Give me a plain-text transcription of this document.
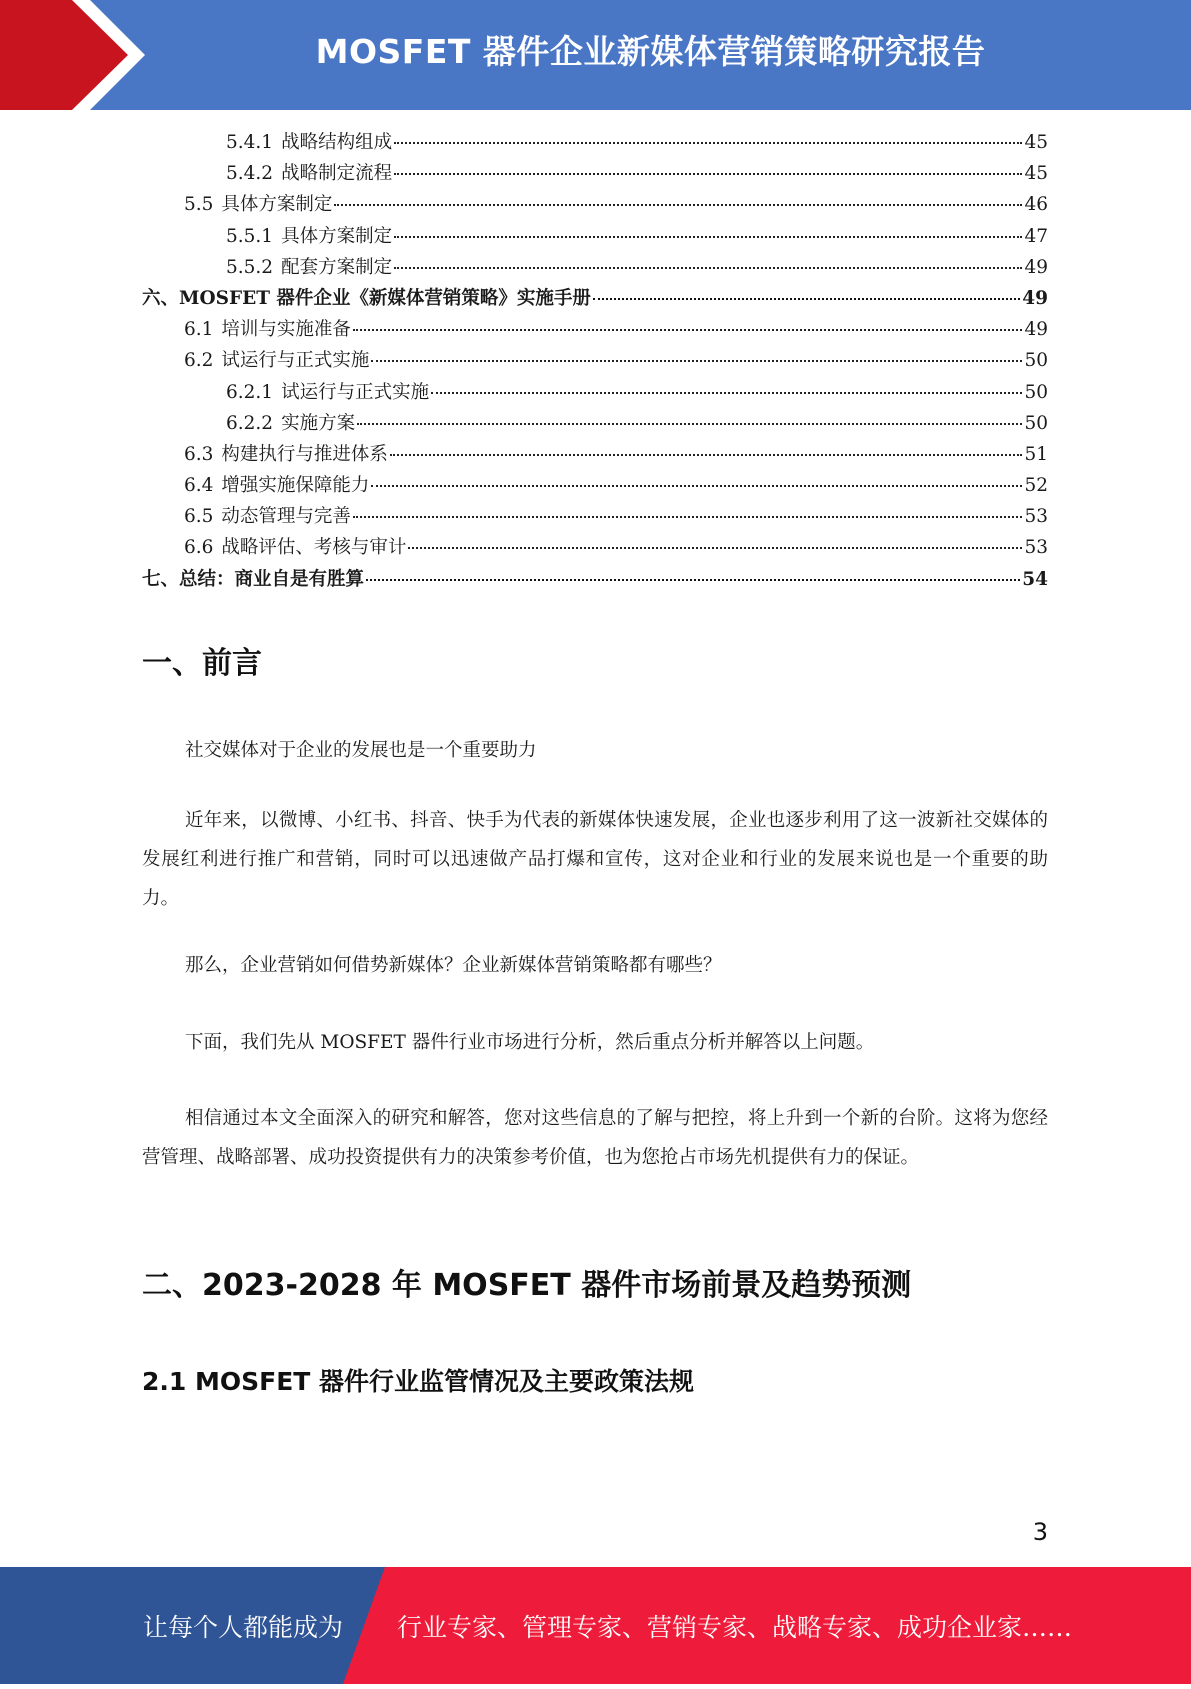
MOSFET 器件企业新媒体营销策略研究报告
5.4.1 战略结构组成	45
5.4.2 战略制定流程	45
5.5 具体方案制定	46
5.5.1 具体方案制定	47
5.5.2 配套方案制定	49
六、MOSFET 器件企业《新媒体营销策略》实施手册	49
6.1 培训与实施准备	49
6.2 试运行与正式实施	50
6.2.1 试运行与正式实施	50
6.2.2 实施方案	50
6.3 构建执行与推进体系	51
6.4 增强实施保障能力	52
6.5 动态管理与完善	53
6.6 战略评估、考核与审计	53
七、总结：商业自是有胜算	54
一、前言
社交媒体对于企业的发展也是一个重要助力
近年来，以微博、小红书、抖音、快手为代表的新媒体快速发展，企业也逐步利用了这一波新社交媒体的发展红利进行推广和营销，同时可以迅速做产品打爆和宣传，这对企业和行业的发展来说也是一个重要的助力。
那么，企业营销如何借势新媒体？企业新媒体营销策略都有哪些？
下面，我们先从 MOSFET 器件行业市场进行分析，然后重点分析并解答以上问题。
相信通过本文全面深入的研究和解答，您对这些信息的了解与把控，将上升到一个新的台阶。这将为您经营管理、战略部署、成功投资提供有力的决策参考价值，也为您抢占市场先机提供有力的保证。
二、2023-2028 年 MOSFET 器件市场前景及趋势预测
2.1 MOSFET 器件行业监管情况及主要政策法规
3
让每个人都能成为 行业专家、管理专家、营销专家、战略专家、成功企业家……
